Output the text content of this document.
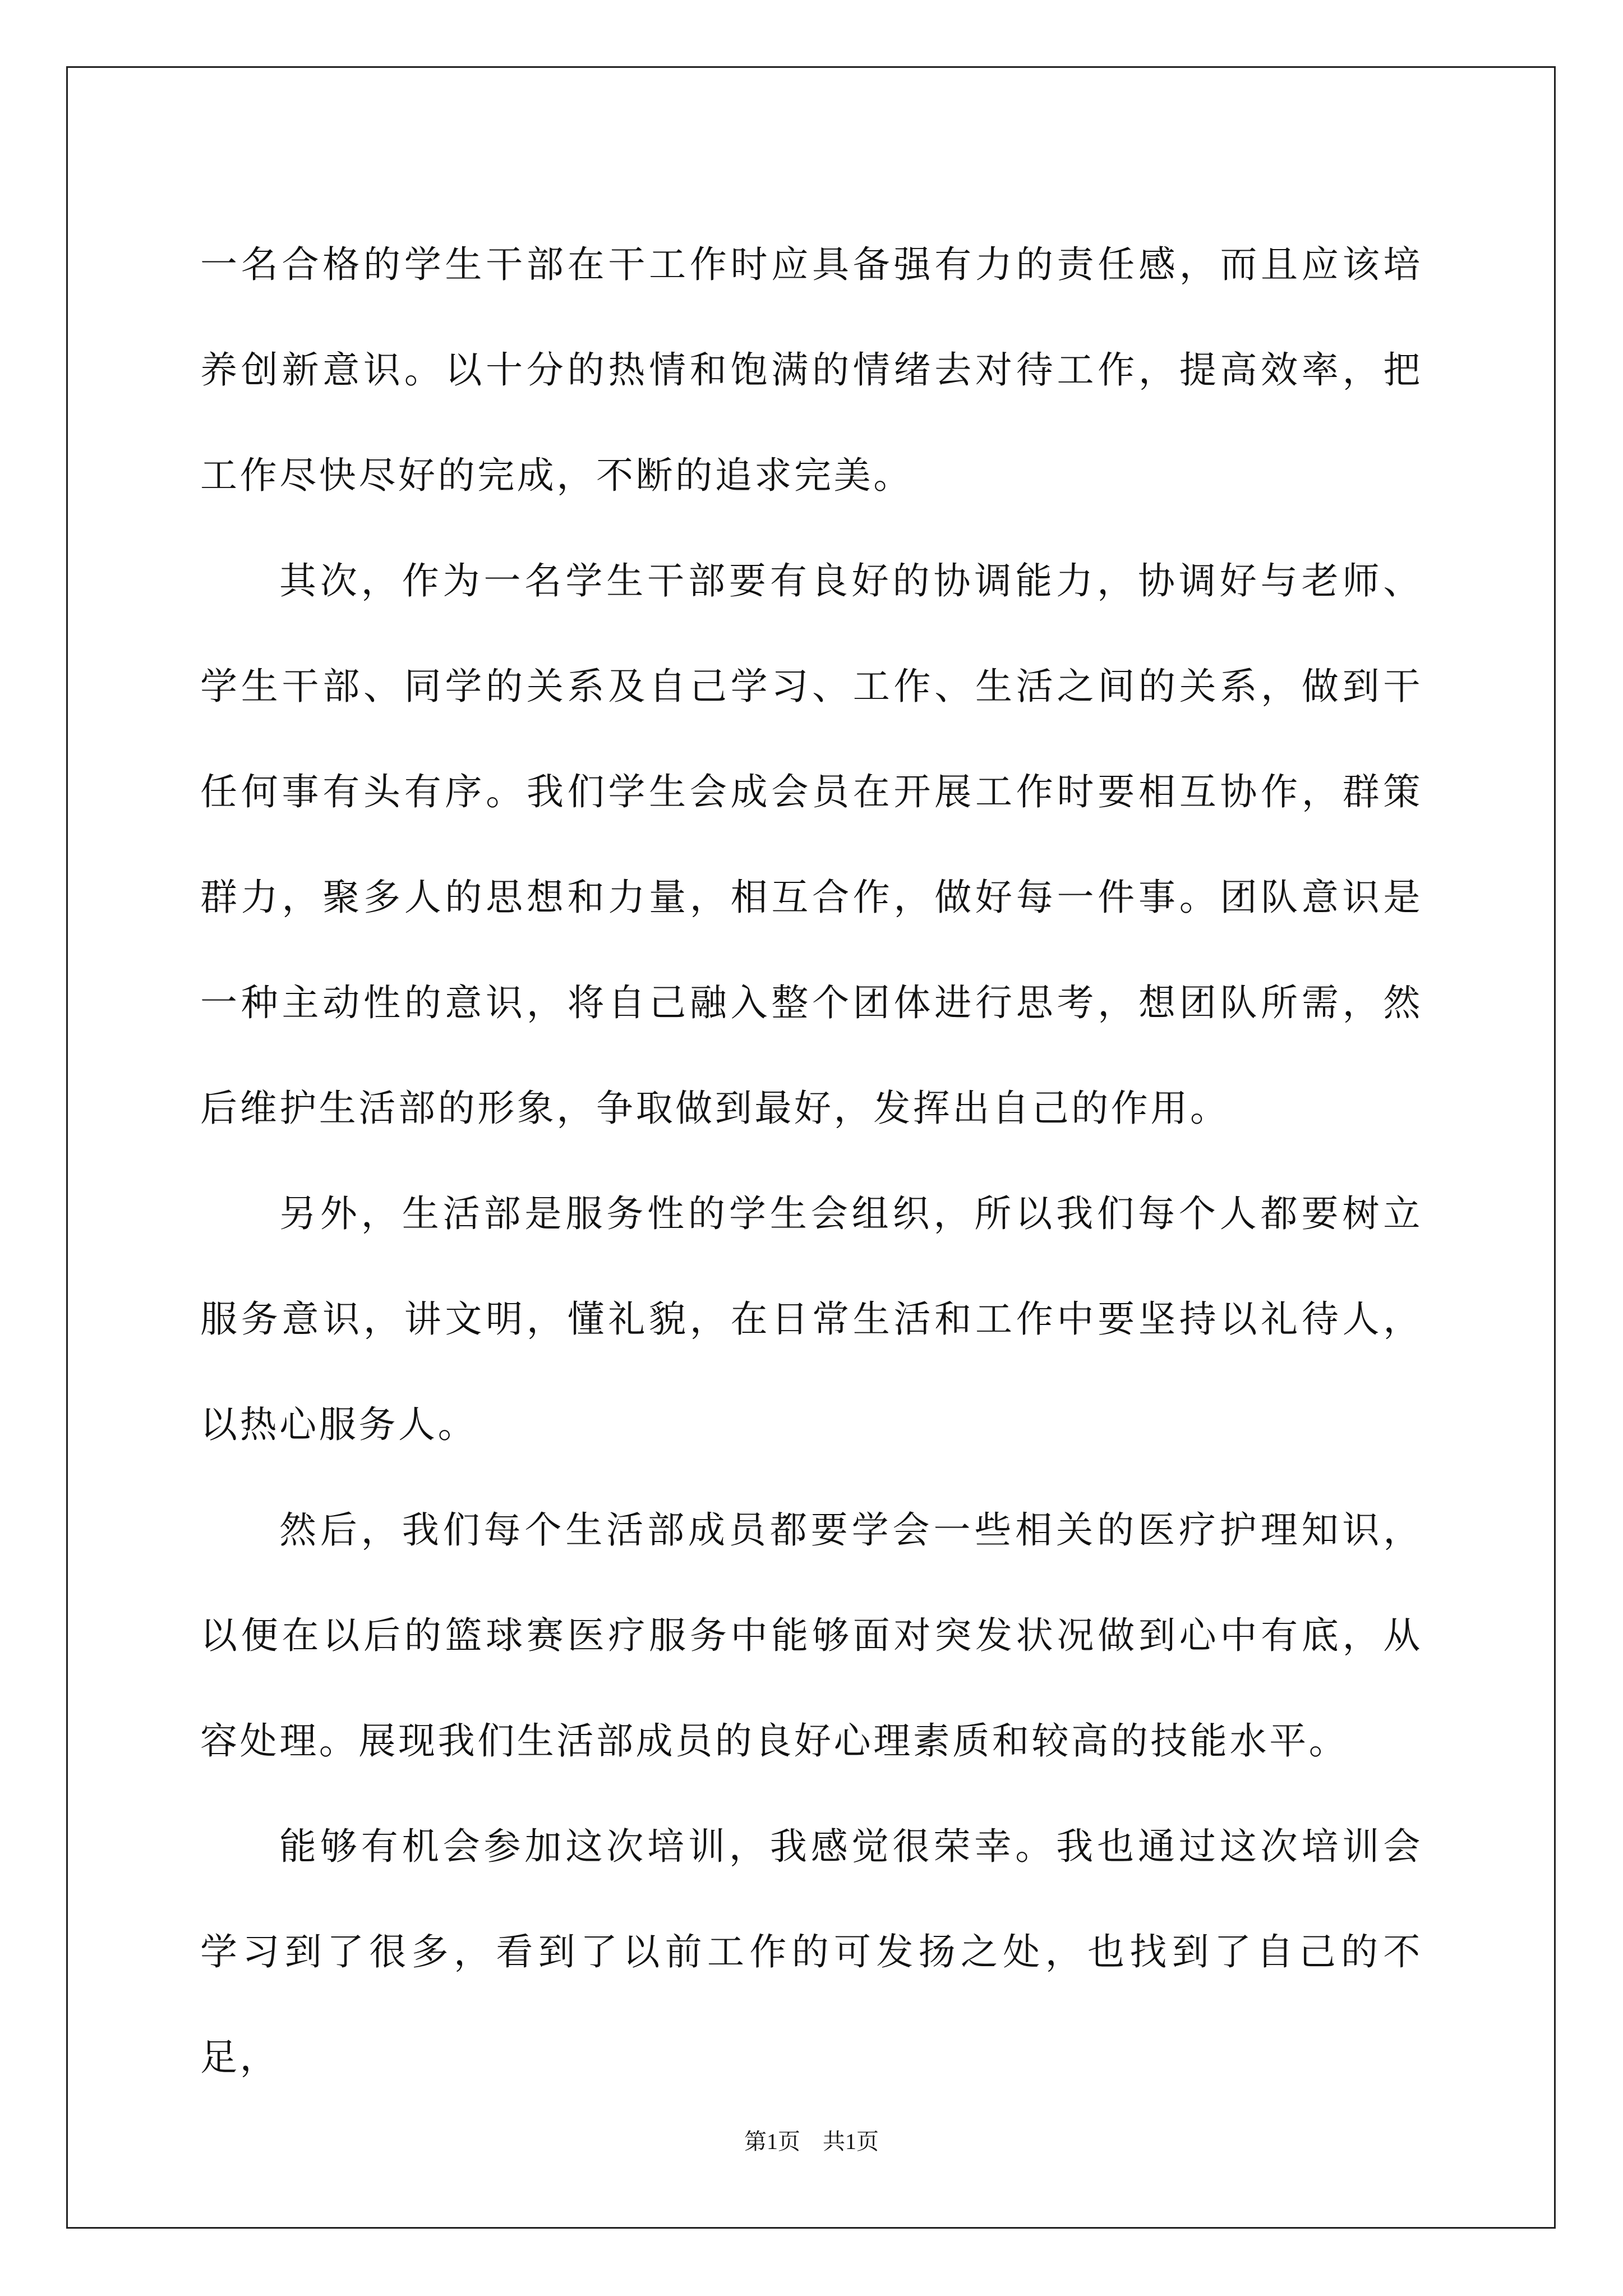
一名合格的学生干部在干工作时应具备强有力的责任感，而且应该培养创新意识。以十分的热情和饱满的情绪去对待工作，提高效率，把工作尽快尽好的完成，不断的追求完美。

其次，作为一名学生干部要有良好的协调能力，协调好与老师、学生干部、同学的关系及自己学习、工作、生活之间的关系，做到干任何事有头有序。我们学生会成会员在开展工作时要相互协作，群策群力，聚多人的思想和力量，相互合作，做好每一件事。团队意识是一种主动性的意识，将自己融入整个团体进行思考，想团队所需，然后维护生活部的形象，争取做到最好，发挥出自己的作用。

另外，生活部是服务性的学生会组织，所以我们每个人都要树立服务意识，讲文明，懂礼貌，在日常生活和工作中要坚持以礼待人，以热心服务人。

然后，我们每个生活部成员都要学会一些相关的医疗护理知识，以便在以后的篮球赛医疗服务中能够面对突发状况做到心中有底，从容处理。展现我们生活部成员的良好心理素质和较高的技能水平。

能够有机会参加这次培训，我感觉很荣幸。我也通过这次培训会学习到了很多，看到了以前工作的可发扬之处，也找到了自己的不足，

第1页　共1页
